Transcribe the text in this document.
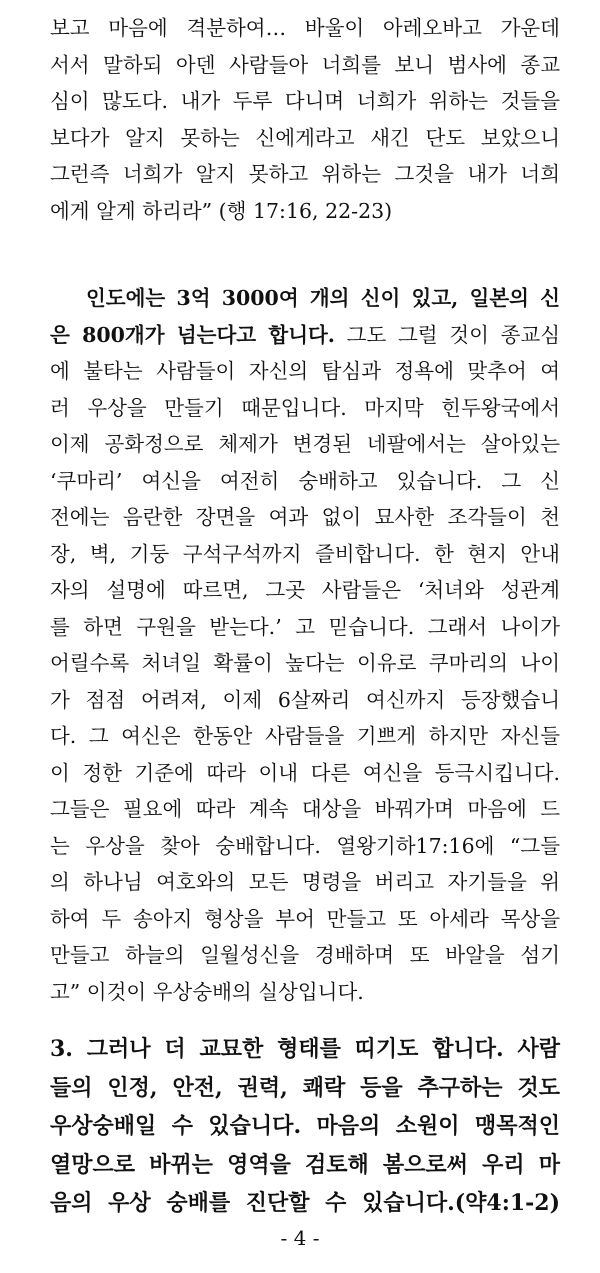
보고 마음에 격분하여… 바울이 아레오바고 가운데
서서 말하되 아덴 사람들아 너희를 보니 범사에 종교
심이 많도다. 내가 두루 다니며 너희가 위하는 것들을
보다가 알지 못하는 신에게라고 새긴 단도 보았으니
그런즉 너희가 알지 못하고 위하는 그것을 내가 너희
에게 알게 하리라” (행 17:16, 22-23)
인도에는 3억 3000여 개의 신이 있고, 일본의 신
은 800개가 넘는다고 합니다. 그도 그럴 것이 종교심
에 불타는 사람들이 자신의 탐심과 정욕에 맞추어 여
러 우상을 만들기 때문입니다. 마지막 힌두왕국에서
이제 공화정으로 체제가 변경된 네팔에서는 살아있는
‘쿠마리’ 여신을 여전히 숭배하고 있습니다. 그 신
전에는 음란한 장면을 여과 없이 묘사한 조각들이 천
장, 벽, 기둥 구석구석까지 즐비합니다. 한 현지 안내
자의 설명에 따르면, 그곳 사람들은 ‘처녀와 성관계
를 하면 구원을 받는다.’ 고 믿습니다. 그래서 나이가
어릴수록 처녀일 확률이 높다는 이유로 쿠마리의 나이
가 점점 어려져, 이제 6살짜리 여신까지 등장했습니
다. 그 여신은 한동안 사람들을 기쁘게 하지만 자신들
이 정한 기준에 따라 이내 다른 여신을 등극시킵니다.
그들은 필요에 따라 계속 대상을 바꿔가며 마음에 드
는 우상을 찾아 숭배합니다. 열왕기하17:16에 “그들
의 하나님 여호와의 모든 명령을 버리고 자기들을 위
하여 두 송아지 형상을 부어 만들고 또 아세라 목상을
만들고 하늘의 일월성신을 경배하며 또 바알을 섬기
고” 이것이 우상숭배의 실상입니다.
3. 그러나 더 교묘한 형태를 띠기도 합니다. 사람
들의 인정, 안전, 권력, 쾌락 등을 추구하는 것도
우상숭배일 수 있습니다. 마음의 소원이 맹목적인
열망으로 바뀌는 영역을 검토해 봄으로써 우리 마
음의 우상 숭배를 진단할 수 있습니다.(약4:1-2)
- 4 -
